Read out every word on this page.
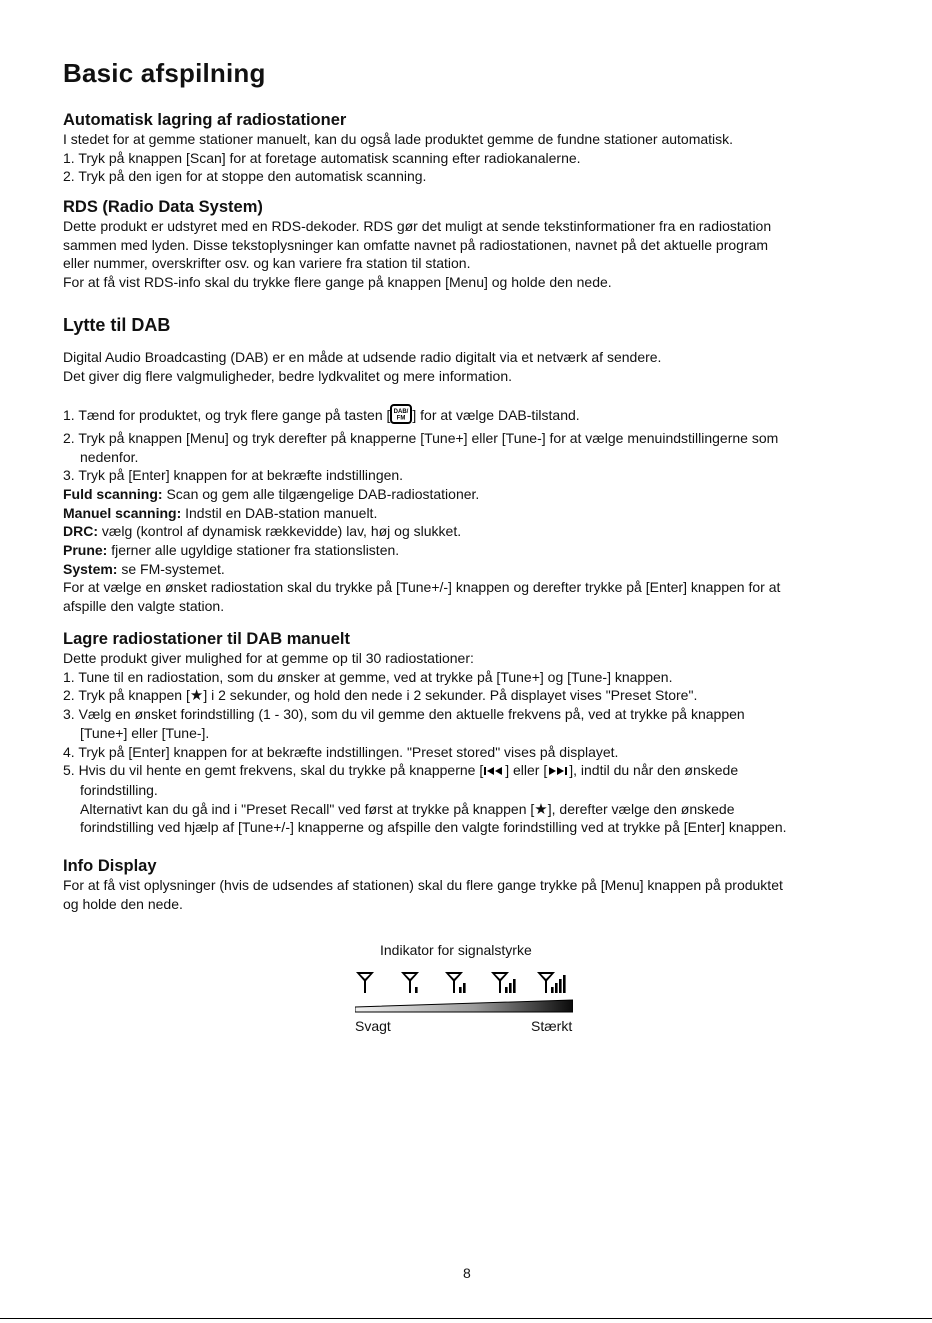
Basic afspilning
Automatisk lagring af radiostationer

I stedet for at gemme stationer manuelt, kan du også lade produktet gemme de fundne stationer automatisk.

1. Tryk på knappen [Scan] for at foretage automatisk scanning efter radiokanalerne.

2. Tryk på den igen for at stoppe den automatisk scanning.

RDS (Radio Data System)

Dette produkt er udstyret med en RDS-dekoder. RDS gør det muligt at sende tekstinformationer fra en radiostation

sammen med lyden. Disse tekstoplysninger kan omfatte navnet på radiostationen, navnet på det aktuelle program

eller nummer, overskrifter osv. og kan variere fra station til station.

For at få vist RDS-info skal du trykke flere gange på knappen [Menu] og holde den nede.

Lytte til DAB

Digital Audio Broadcasting (DAB) er en måde at udsende radio digitalt via et netværk af sendere.

Det giver dig flere valgmuligheder, bedre lydkvalitet og mere information.

1. Tænd for produktet, og tryk flere gange på tasten [ DAB/
FM ] for at vælge DAB-tilstand.

2. Tryk på knappen [Menu] og tryk derefter på knapperne [Tune+] eller [Tune-] for at vælge menuindstillingerne som

nedenfor.

3. Tryk på [Enter] knappen for at bekræfte indstillingen.

Fuld scanning: Scan og gem alle tilgængelige DAB-radiostationer.

Manuel scanning: Indstil en DAB-station manuelt.

DRC: vælg (kontrol af dynamisk rækkevidde) lav, høj og slukket.

Prune: fjerner alle ugyldige stationer fra stationslisten.

System: se FM-systemet.

For at vælge en ønsket radiostation skal du trykke på [Tune+/-] knappen og derefter trykke på [Enter] knappen for at

afspille den valgte station.

Lagre radiostationer til DAB manuelt

Dette produkt giver mulighed for at gemme op til 30 radiostationer:

1. Tune til en radiostation, som du ønsker at gemme, ved at trykke på [Tune+] og [Tune-] knappen.

2. Tryk på knappen [★] i 2 sekunder, og hold den nede i 2 sekunder. På displayet vises "Preset Store".

3. Vælg en ønsket forindstilling (1 - 30), som du vil gemme den aktuelle frekvens på, ved at trykke på knappen

[Tune+] eller [Tune-].

4. Tryk på [Enter] knappen for at bekræfte indstillingen. "Preset stored" vises på displayet.

5. Hvis du vil hente en gemt frekvens, skal du trykke på knapperne [ ] eller [ ], indtil du når den ønskede

forindstilling.

Alternativt kan du gå ind i "Preset Recall" ved først at trykke på knappen [★], derefter vælge den ønskede

forindstilling ved hjælp af [Tune+/-] knapperne og afspille den valgte forindstilling ved at trykke på [Enter] knappen.

Info Display

For at få vist oplysninger (hvis de udsendes af stationen) skal du flere gange trykke på [Menu] knappen på produktet

og holde den nede.

Indikator for signalstyrke
Svagt	Stærkt
8
